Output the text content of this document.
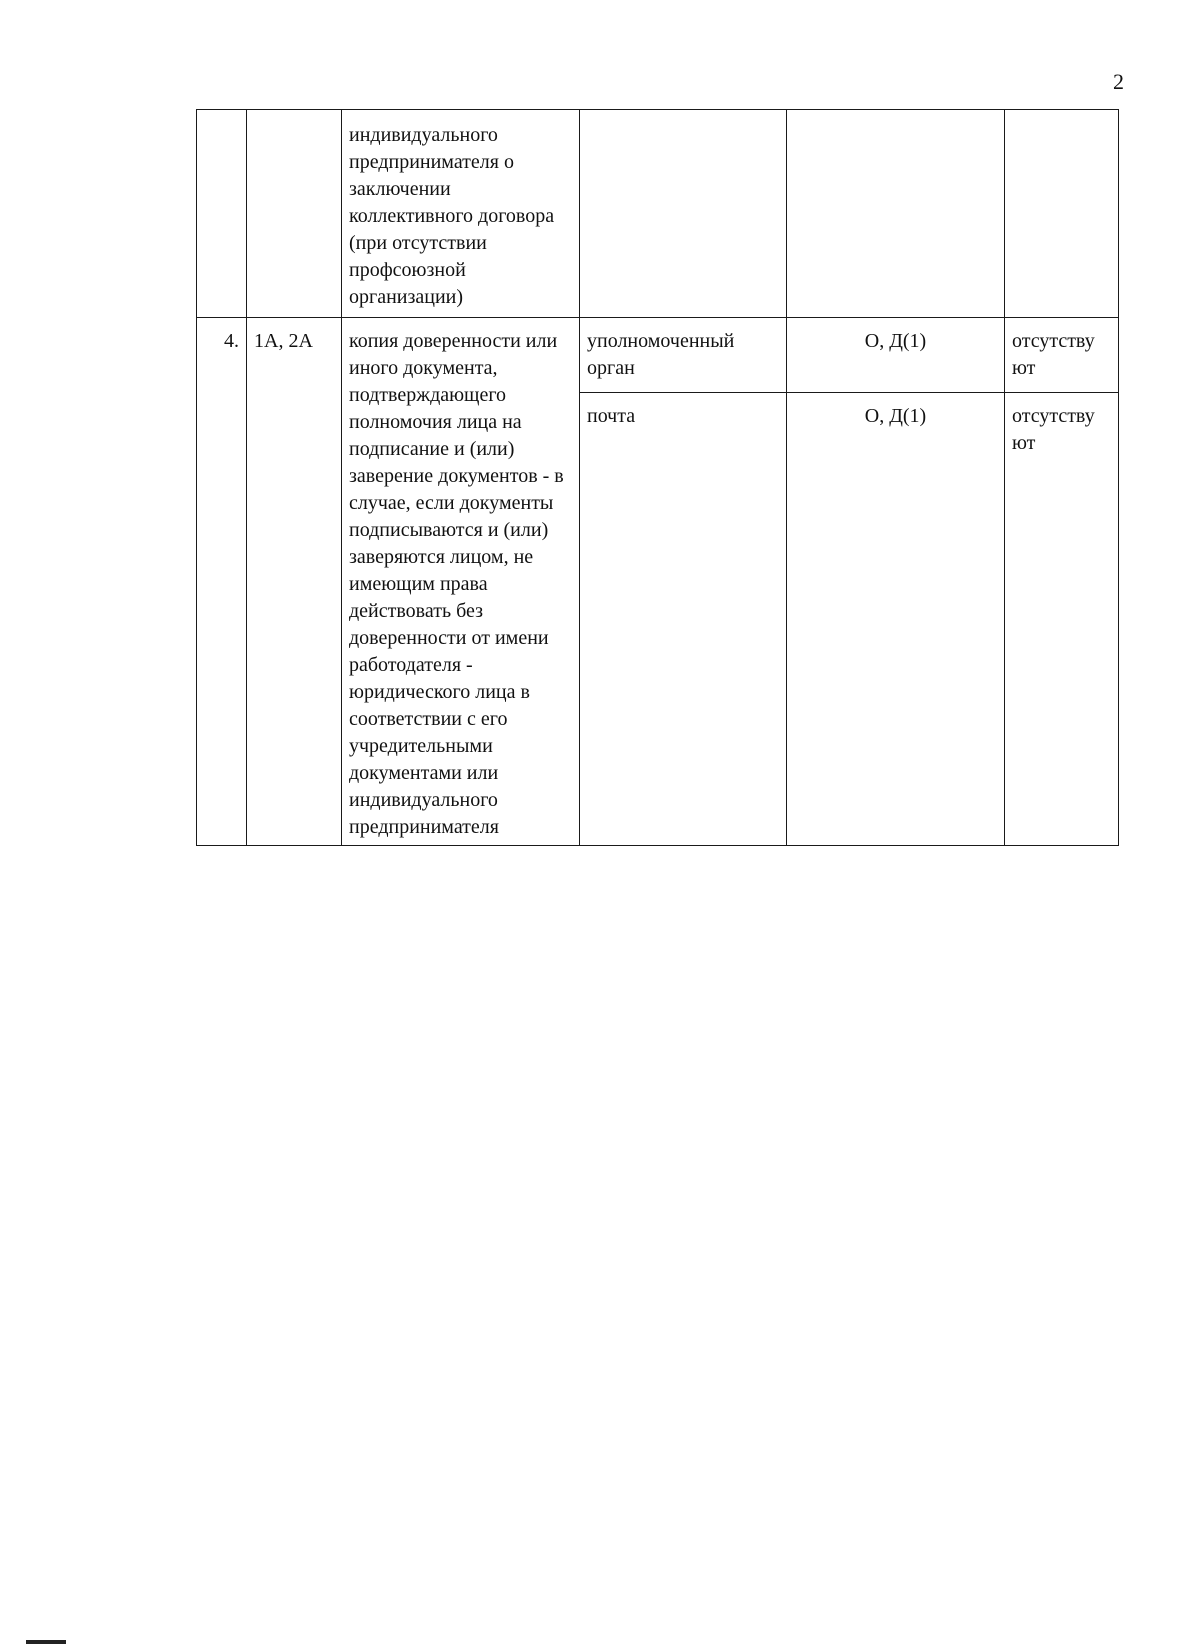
2
		индивидуального предпринимателя о заключении коллективного договора (при отсутствии профсоюзной организации)			
4.	1А, 2А	копия доверенности или иного документа, подтверждающего полномочия лица на подписание и (или) заверение документов - в случае, если документы подписываются и (или) заверяются лицом, не имеющим права действовать без доверенности от имени работодателя - юридического лица в соответствии с его учредительными документами или индивидуального предпринимателя	уполномоченный орган	О, Д(1)	отсутству ют
			почта	О, Д(1)	отсутству ют
